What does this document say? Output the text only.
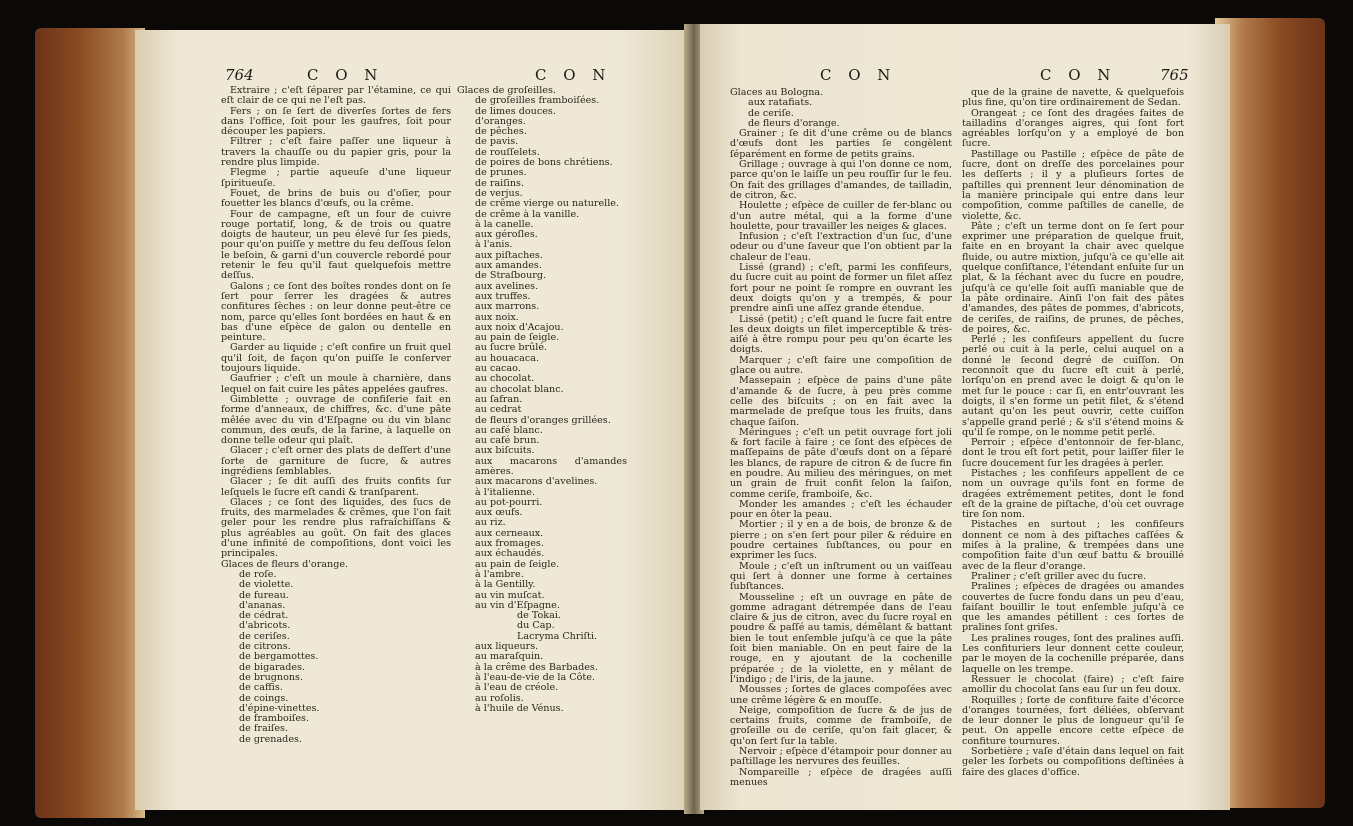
764	C O N	C O N

Extraire ; c'eſt ſéparer par l'étamine, ce qui eſt clair de ce qui ne l'eſt pas.

Fers ; on ſe ſert de diverſes ſortes de fers dans l'office, ſoit pour les gaufres, ſoit pour découper les papiers.

Filtrer ; c'eſt faire paſſer une liqueur à travers la chauſſe ou du papier gris, pour la rendre plus limpide.

Flegme ; partie aqueuſe d'une liqueur ſpiritueuſe.

Fouet, de brins de buis ou d'oſier, pour fouetter les blancs d'œufs, ou la crême.

Four de campagne, eſt un four de cuivre rouge portatif, long, & de trois ou quatre doigts de hauteur, un peu élevé ſur ſes pieds, pour qu'on puiſſe y mettre du feu deſſous ſelon le beſoin, & garni d'un couvercle rebordé pour retenir le feu qu'il faut quelquefois mettre deſſus.

Galons ; ce ſont des boîtes rondes dont on ſe ſert pour ſerrer les dragées & autres confitures ſèches : on leur donne peut-être ce nom, parce qu'elles ſont bordées en haut & en bas d'une eſpèce de galon ou dentelle en peinture.

Garder au liquide ; c'eſt confire un fruit quel qu'il ſoit, de façon qu'on puiſſe le conſerver toujours liquide.

Gaufrier ; c'eſt un moule à charnière, dans lequel on fait cuire les pâtes appelées gaufres.

Gimblette ; ouvrage de confiſerie fait en forme d'anneaux, de chiffres, &c. d'une pâte mêlée avec du vin d'Eſpagne ou du vin blanc commun, des œufs, de la farine, à laquelle on donne telle odeur qui plaît.

Glacer ; c'eſt orner des plats de deſſert d'une ſorte de garniture de ſucre, & autres ingrédiens ſemblables.

Glacer ; ſe dit auſſi des fruits confits ſur leſquels le ſucre eſt candi & tranſparent.

Glaces ; ce ſont des liquides, des ſucs de fruits, des marmelades & crêmes, que l'on fait geler pour les rendre plus rafraîchiſſans & plus agréables au goût. On fait des glaces d'une infinité de compoſitions, dont voici les principales.

Glaces de fleurs d'orange.

de roſe.

de violette.

de fureau.

d'ananas.

de cédrat.

d'abricots.

de ceriſes.

de citrons.

de bergamottes.

de bigarades.

de brugnons.

de caffis.

de coings.

d'épine-vinettes.

de framboiſes.

de fraiſes.

de grenades.

Glaces de groſeilles.

de groſeilles framboiſées.

de limes douces.

d'oranges.

de pêches.

de pavis.

de rouſſelets.

de poires de bons chrétiens.

de prunes.

de raiſins.

de verjus.

de crême vierge ou naturelle.

de crême à la vanille.

à la canelle.

aux géroſles.

à l'anis.

aux piſtaches.

aux amandes.

de Straſbourg.

aux avelines.

aux truffes.

aux marrons.

aux noix.

aux noix d'Acajou.

au pain de ſeigle.

au ſucre brûlé.

au houacaca.

au cacao.

au chocolat.

au chocolat blanc.

au ſafran.

au cedrat

de fleurs d'oranges grillées.

au café blanc.

au café brun.

aux biſcuits.

aux macarons d'amandes amères.

aux macarons d'avelines.

à l'italienne.

au pot-pourri.

aux œufs.

au riz.

aux cerneaux.

aux fromages.

aux échaudés.

au pain de ſeigle.

à l'ambre.

à la Gentilly.

au vin muſcat.

au vin d'Eſpagne.

de Tokai.

du Cap.

Lacryma Chriſti.

aux liqueurs.

au maraſquin.

à la crême des Barbades.

à l'eau-de-vie de la Côte.

à l'eau de créole.

au roſolis.

à l'huile de Vénus.

C O N	C O N	765

Glaces au Bologna.

aux ratafiats.

de ceriſe.

de fleurs d'orange.

Grainer ; ſe dit d'une crême ou de blancs d'œufs dont les parties ſe congèlent ſéparément en forme de petits grains.

Grillage ; ouvrage à qui l'on donne ce nom, parce qu'on le laiſſe un peu rouſſir ſur le feu. On fait des grillages d'amandes, de tailladin, de citron, &c.

Houlette ; eſpèce de cuiller de fer-blanc ou d'un autre métal, qui a la forme d'une houlette, pour travailler les neiges & glaces.

Infusion ; c'eſt l'extraction d'un ſuc, d'une odeur ou d'une ſaveur que l'on obtient par la chaleur de l'eau.

Lissé (grand) ; c'eſt, parmi les confiſeurs, du ſucre cuit au point de former un filet aſſez fort pour ne point ſe rompre en ouvrant les deux doigts qu'on y a trempés, & pour prendre ainſi une aſſez grande étendue.

Lissé (petit) ; c'eſt quand le ſucre fait entre les deux doigts un filet imperceptible & très-aiſé à être rompu pour peu qu'on écarte les doigts.

Marquer ; c'eſt faire une compoſition de glace ou autre.

Massepain ; eſpèce de pains d'une pâte d'amande & de ſucre, à peu près comme celle des biſcuits ; on en fait avec la marmelade de preſque tous les fruits, dans chaque ſaiſon.

Méringues ; c'eſt un petit ouvrage fort joli & fort facile à faire ; ce ſont des eſpèces de maſſepains de pâte d'œufs dont on a ſéparé les blancs, de rapure de citron & de ſucre fin en poudre. Au milieu des méringues, on met un grain de fruit confit ſelon la ſaiſon, comme ceriſe, framboiſe, &c.

Monder les amandes ; c'eſt les échauder pour en ôter la peau.

Mortier ; il y en a de bois, de bronze & de pierre ; on s'en ſert pour piler & réduire en poudre certaines ſubſtances, ou pour en exprimer les ſucs.

Moule ; c'eſt un inſtrument ou un vaiſſeau qui ſert à donner une forme à certaines ſubſtances.

Mousseline ; eſt un ouvrage en pâte de gomme adragant détrempée dans de l'eau claire & jus de citron, avec du ſucre royal en poudre & paſſé au tamis, démêlant & battant bien le tout enſemble juſqu'à ce que la pâte ſoit bien maniable. On en peut faire de la rouge, en y ajoutant de la cochenille préparée ; de la violette, en y mêlant de l'indigo ; de l'iris, de la jaune.

Mousses ; ſortes de glaces compoſées avec une crême légère & en mouſſe.

Neige, compoſition de ſucre & de jus de certains fruits, comme de framboiſe, de groſeille ou de ceriſe, qu'on fait glacer, & qu'on ſert ſur la table.

Nervoir ; eſpèce d'étampoir pour donner au paſtillage les nervures des feuilles.

Nompareille ; eſpèce de dragées auſſi menues

que de la graine de navette, & quelquefois plus fine, qu'on tire ordinairement de Sedan.

Orangeat ; ce ſont des dragées faites de tailladins d'oranges aigres, qui ſont fort agréables lorſqu'on y a employé de bon ſucre.

Pastillage ou Pastille ; eſpèce de pâte de ſucre, dont on dreſſe des porcelaines pour les deſſerts ; il y a pluſieurs ſortes de paſtilles qui prennent leur dénomination de la manière principale qui entre dans leur compoſition, comme paſtilles de canelle, de violette, &c.

Pâte ; c'eſt un terme dont on ſe ſert pour exprimer une préparation de quelque fruit, faite en en broyant la chair avec quelque fluide, ou autre mixtion, juſqu'à ce qu'elle ait quelque conſiſtance, l'étendant enſuite ſur un plat, & la ſéchant avec du ſucre en poudre, juſqu'à ce qu'elle ſoit auſſi maniable que de la pâte ordinaire. Ainſi l'on fait des pâtes d'amandes, des pâtes de pommes, d'abricots, de ceriſes, de raiſins, de prunes, de pêches, de poires, &c.

Perlé ; les confiſeurs appellent du ſucre perlé ou cuit à la perle, celui auquel on a donné le ſecond degré de cuiſſon. On reconnoît que du ſucre eſt cuit à perlé, lorſqu'on en prend avec le doigt & qu'on le met ſur le pouce : car ſi, en entr'ouvrant les doigts, il s'en forme un petit filet, & s'étend autant qu'on les peut ouvrir, cette cuiſſon s'appelle grand perlé ; & s'il s'étend moins & qu'il ſe rompe, on le nomme petit perlé.

Perroir ; eſpèce d'entonnoir de fer-blanc, dont le trou eſt fort petit, pour laiſſer filer le ſucre doucement ſur les dragées à perler.

Pistaches ; les confiſeurs appellent de ce nom un ouvrage qu'ils font en forme de dragées extrêmement petites, dont le fond eſt de la graine de piſtache, d'où cet ouvrage tire ſon nom.

Pistaches en surtout ; les confiſeurs donnent ce nom à des piſtaches caſſées & miſes à la praline, & trempées dans une compoſition faite d'un œuf battu & brouillé avec de la fleur d'orange.

Praliner ; c'eſt griller avec du ſucre.

Pralines ; eſpèces de dragées ou amandes couvertes de ſucre fondu dans un peu d'eau, faiſant bouillir le tout enſemble juſqu'à ce que les amandes pétillent : ces ſortes de pralines ſont griſes.

Les pralines rouges, ſont des pralines auſſi. Les confituriers leur donnent cette couleur, par le moyen de la cochenille préparée, dans laquelle on les trempe.

Ressuer le chocolat (faire) ; c'eſt faire amollir du chocolat ſans eau ſur un feu doux.

Roquilles ; ſorte de confiture faite d'écorce d'oranges tournées, fort déliées, obſervant de leur donner le plus de longueur qu'il ſe peut. On appelle encore cette eſpèce de confiture tournures.

Sorbetière ; vaſe d'étain dans lequel on fait geler les ſorbets ou compoſitions deſtinées à faire des glaces d'office.
